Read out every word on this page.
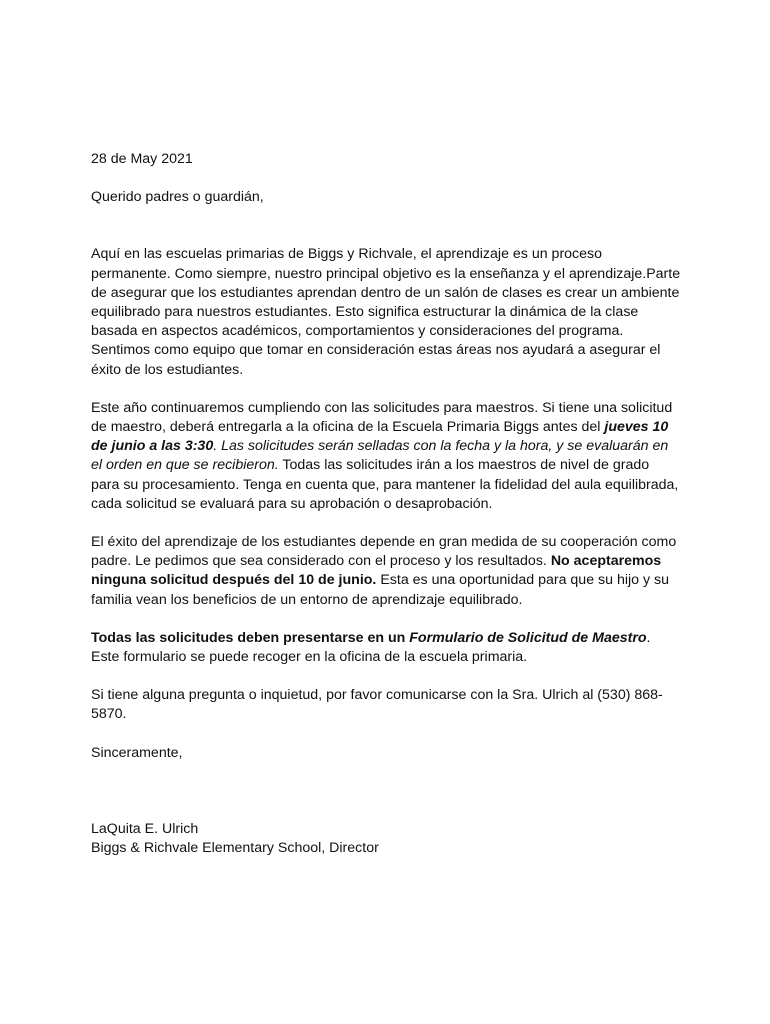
28 de May 2021

Querido padres o guardián,

Aquí en las escuelas primarias de Biggs y Richvale, el aprendizaje es un proceso permanente. Como siempre, nuestro principal objetivo es la enseñanza y el aprendizaje.Parte de asegurar que los estudiantes aprendan dentro de un salón de clases es crear un ambiente equilibrado para nuestros estudiantes. Esto significa estructurar la dinámica de la clase basada en aspectos académicos, comportamientos y consideraciones del programa. Sentimos como equipo que tomar en consideración estas áreas nos ayudará a asegurar el éxito de los estudiantes.

Este año continuaremos cumpliendo con las solicitudes para maestros. Si tiene una solicitud de maestro, deberá entregarla a la oficina de la Escuela Primaria Biggs antes del jueves 10 de junio a las 3:30. Las solicitudes serán selladas con la fecha y la hora, y se evaluarán en el orden en que se recibieron. Todas las solicitudes irán a los maestros de nivel de grado para su procesamiento. Tenga en cuenta que, para mantener la fidelidad del aula equilibrada, cada solicitud se evaluará para su aprobación o desaprobación.

El éxito del aprendizaje de los estudiantes depende en gran medida de su cooperación como padre. Le pedimos que sea considerado con el proceso y los resultados. No aceptaremos ninguna solicitud después del 10 de junio. Esta es una oportunidad para que su hijo y su familia vean los beneficios de un entorno de aprendizaje equilibrado.

Todas las solicitudes deben presentarse en un Formulario de Solicitud de Maestro. Este formulario se puede recoger en la oficina de la escuela primaria.

Si tiene alguna pregunta o inquietud, por favor comunicarse con la Sra. Ulrich al (530) 868-5870.

Sinceramente,

LaQuita E. Ulrich

Biggs & Richvale Elementary School, Director
